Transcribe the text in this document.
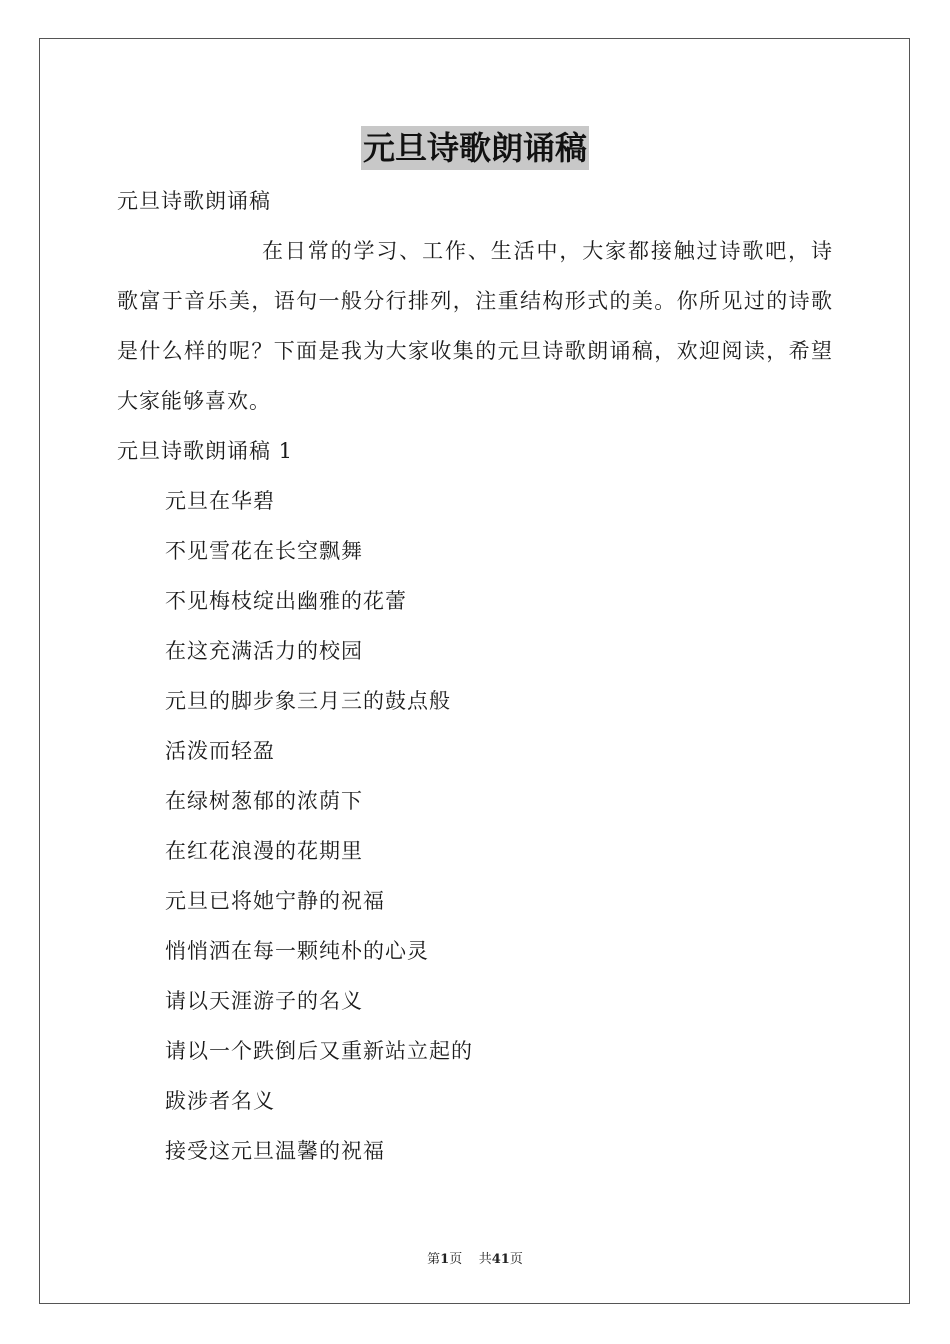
元旦诗歌朗诵稿

元旦诗歌朗诵稿

在日常的学习、工作、生活中，大家都接触过诗歌吧，诗歌富于音乐美，语句一般分行排列，注重结构形式的美。你所见过的诗歌是什么样的呢？下面是我为大家收集的元旦诗歌朗诵稿，欢迎阅读，希望大家能够喜欢。

元旦诗歌朗诵稿 1

元旦在华碧

不见雪花在长空飘舞

不见梅枝绽出幽雅的花蕾

在这充满活力的校园

元旦的脚步象三月三的鼓点般

活泼而轻盈

在绿树葱郁的浓荫下

在红花浪漫的花期里

元旦已将她宁静的祝福

悄悄洒在每一颗纯朴的心灵

请以天涯游子的名义

请以一个跌倒后又重新站立起的

跋涉者名义

接受这元旦温馨的祝福

第1页 共41页
